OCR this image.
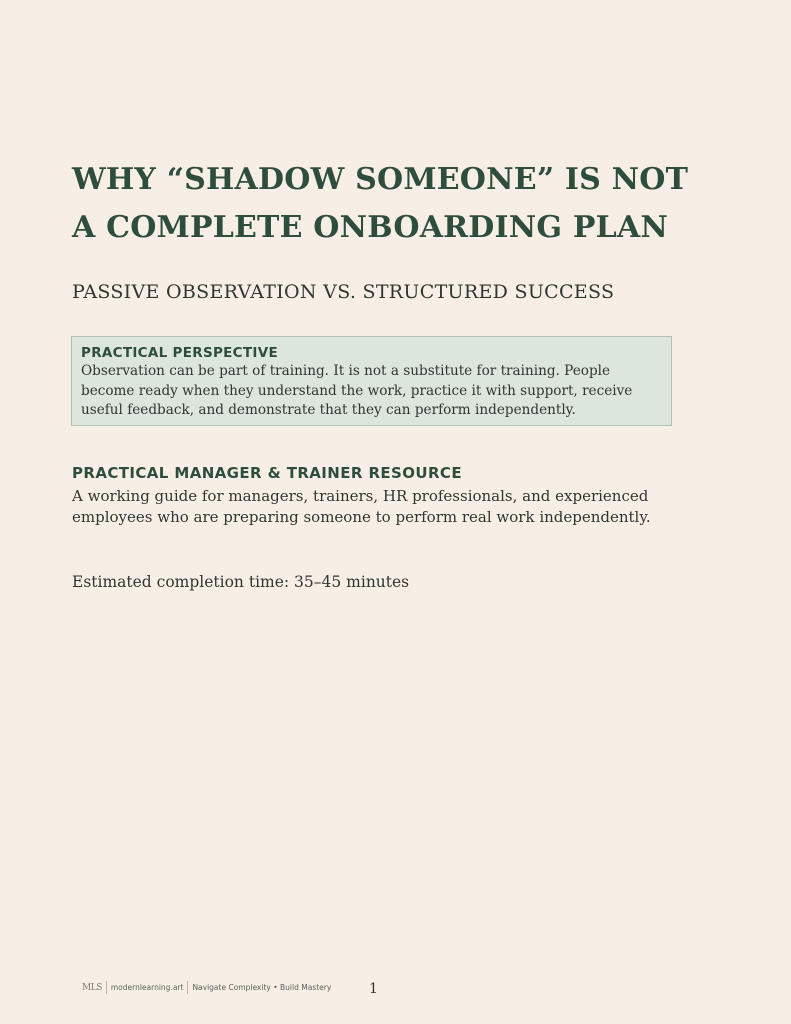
WHY “SHADOW SOMEONE” IS NOT A COMPLETE ONBOARDING PLAN
PASSIVE OBSERVATION VS. STRUCTURED SUCCESS
PRACTICAL PERSPECTIVE
Observation can be part of training. It is not a substitute for training. People become ready when they understand the work, practice it with support, receive useful feedback, and demonstrate that they can perform independently.
PRACTICAL MANAGER & TRAINER RESOURCE

A working guide for managers, trainers, HR professionals, and experienced employees who are preparing someone to perform real work independently.

Estimated completion time: 35–45 minutes

MLS modernlearning.art Navigate Complexity • Build Mastery	1
